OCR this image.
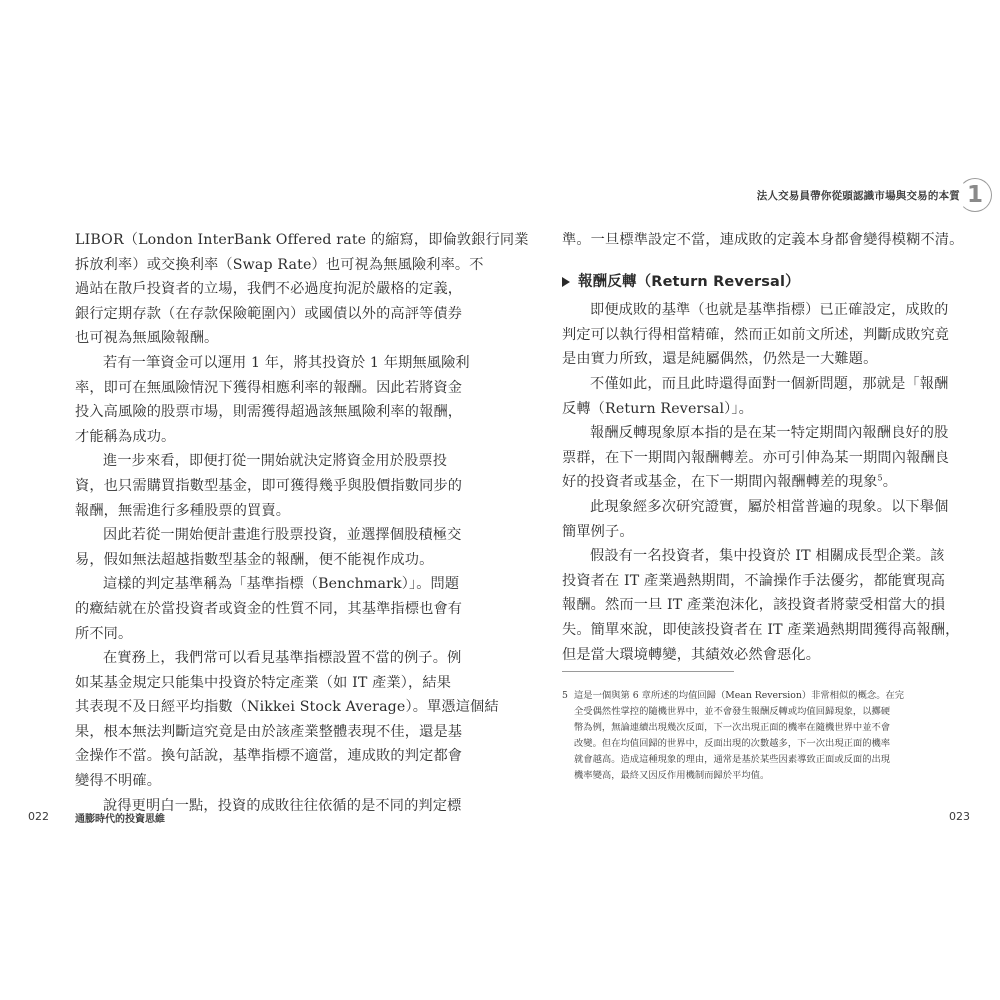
LIBOR（London InterBank Offered rate 的縮寫，即倫敦銀行同業
拆放利率）或交換利率（Swap Rate）也可視為無風險利率。不
過站在散戶投資者的立場，我們不必過度拘泥於嚴格的定義，
銀行定期存款（在存款保險範圍內）或國債以外的高評等債券
也可視為無風險報酬。
若有一筆資金可以運用 1 年，將其投資於 1 年期無風險利
率，即可在無風險情況下獲得相應利率的報酬。因此若將資金
投入高風險的股票市場，則需獲得超過該無風險利率的報酬，
才能稱為成功。
進一步來看，即便打從一開始就決定將資金用於股票投
資，也只需購買指數型基金，即可獲得幾乎與股價指數同步的
報酬，無需進行多種股票的買賣。
因此若從一開始便計畫進行股票投資，並選擇個股積極交
易，假如無法超越指數型基金的報酬，便不能視作成功。
這樣的判定基準稱為「基準指標（Benchmark）」。問題
的癥結就在於當投資者或資金的性質不同，其基準指標也會有
所不同。
在實務上，我們常可以看見基準指標設置不當的例子。例
如某基金規定只能集中投資於特定產業（如 IT 產業），結果
其表現不及日經平均指數（Nikkei Stock Average）。單憑這個結
果，根本無法判斷這究竟是由於該產業整體表現不佳，還是基
金操作不當。換句話說，基準指標不適當，連成敗的判定都會
變得不明確。
說得更明白一點，投資的成敗往往依循的是不同的判定標
022	通膨時代的投資思維
法人交易員帶你從頭認識市場與交易的本質 1
準。一旦標準設定不當，連成敗的定義本身都會變得模糊不清。
報酬反轉（Return Reversal）
即便成敗的基準（也就是基準指標）已正確設定，成敗的
判定可以執行得相當精確，然而正如前文所述，判斷成敗究竟
是由實力所致，還是純屬偶然，仍然是一大難題。
不僅如此，而且此時還得面對一個新問題，那就是「報酬
反轉（Return Reversal）」。
報酬反轉現象原本指的是在某一特定期間內報酬良好的股
票群，在下一期間內報酬轉差。亦可引伸為某一期間內報酬良
好的投資者或基金，在下一期間內報酬轉差的現象$^5$。
此現象經多次研究證實，屬於相當普遍的現象。以下舉個
簡單例子。
假設有一名投資者，集中投資於 IT 相關成長型企業。該
投資者在 IT 產業過熱期間，不論操作手法優劣，都能實現高
報酬。然而一旦 IT 產業泡沫化，該投資者將蒙受相當大的損
失。簡單來說，即使該投資者在 IT 產業過熱期間獲得高報酬，
但是當大環境轉變，其績效必然會惡化。
5 這是一個與第 6 章所述的均值回歸（Mean Reversion）非常相似的概念。在完
全受偶然性掌控的隨機世界中，並不會發生報酬反轉或均值回歸現象，以擲硬
幣為例，無論連續出現幾次反面，下一次出現正面的機率在隨機世界中並不會
改變。但在均值回歸的世界中，反面出現的次數越多，下一次出現正面的機率
就會越高。造成這種現象的理由，通常是基於某些因素導致正面或反面的出現
機率變高，最終又因反作用機制而歸於平均值。
023
